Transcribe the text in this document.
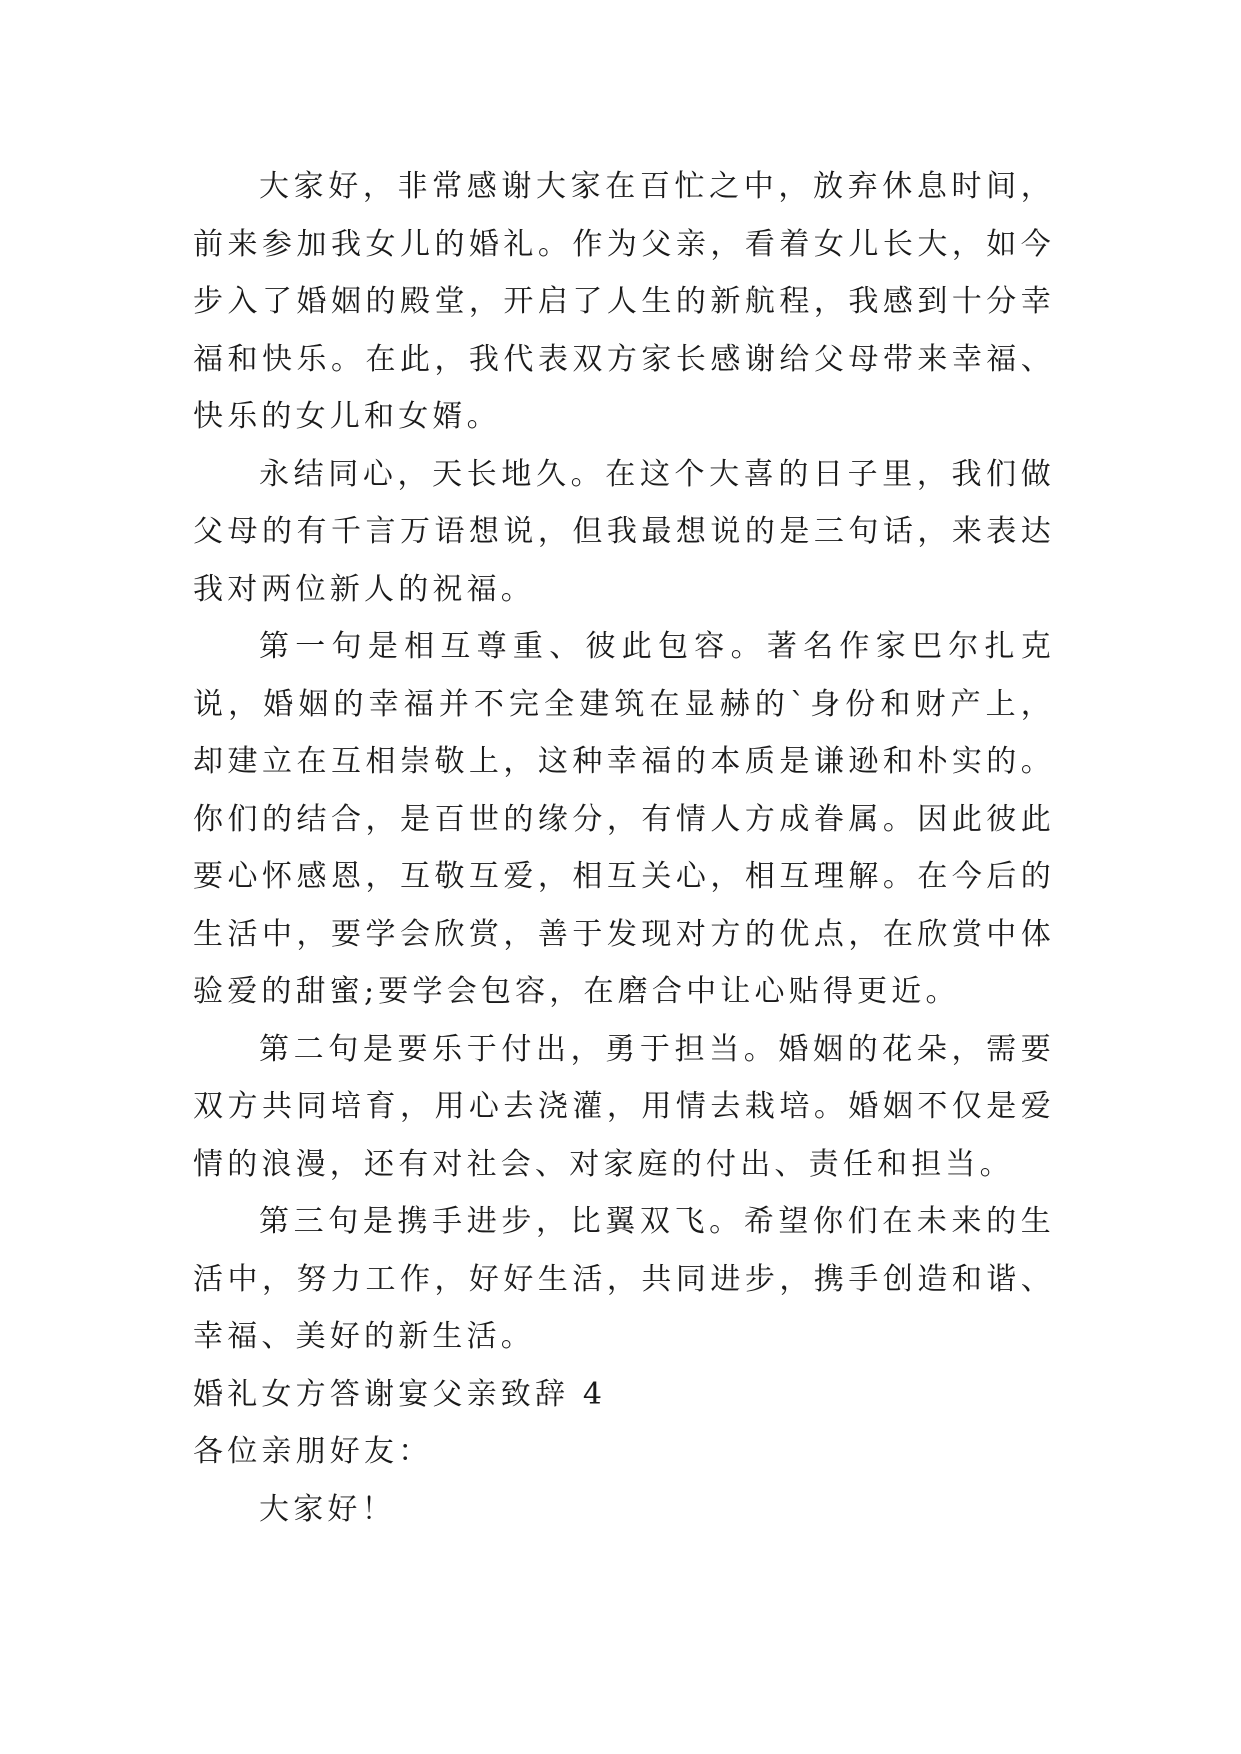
大家好，非常感谢大家在百忙之中，放弃休息时间，前来参加我女儿的婚礼。作为父亲，看着女儿长大，如今步入了婚姻的殿堂，开启了人生的新航程，我感到十分幸福和快乐。在此，我代表双方家长感谢给父母带来幸福、快乐的女儿和女婿。

永结同心，天长地久。在这个大喜的日子里，我们做父母的有千言万语想说，但我最想说的是三句话，来表达我对两位新人的祝福。

第一句是相互尊重、彼此包容。著名作家巴尔扎克说，婚姻的幸福并不完全建筑在显赫的`身份和财产上，却建立在互相崇敬上，这种幸福的本质是谦逊和朴实的。你们的结合，是百世的缘分，有情人方成眷属。因此彼此要心怀感恩，互敬互爱，相互关心，相互理解。在今后的生活中，要学会欣赏，善于发现对方的优点，在欣赏中体验爱的甜蜜;要学会包容，在磨合中让心贴得更近。

第二句是要乐于付出，勇于担当。婚姻的花朵，需要双方共同培育，用心去浇灌，用情去栽培。婚姻不仅是爱情的浪漫，还有对社会、对家庭的付出、责任和担当。

第三句是携手进步，比翼双飞。希望你们在未来的生活中，努力工作，好好生活，共同进步，携手创造和谐、幸福、美好的新生活。

婚礼女方答谢宴父亲致辞 4

各位亲朋好友：

大家好！
